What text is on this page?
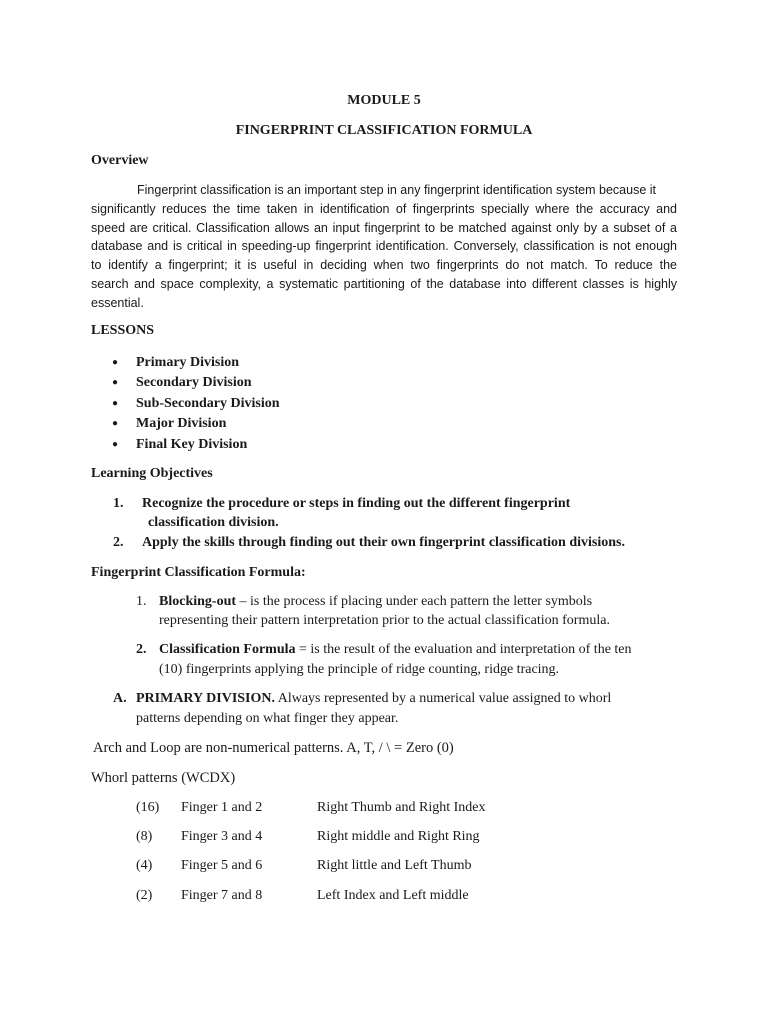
MODULE 5
FINGERPRINT CLASSIFICATION FORMULA
Overview
Fingerprint classification is an important step in any fingerprint identification system because it
significantly reduces the time taken in identification of fingerprints specially where the accuracy and
speed are critical. Classification allows an input fingerprint to be matched against only by a subset of a
database and is critical in speeding-up fingerprint identification. Conversely, classification is not enough
to identify a fingerprint; it is useful in deciding when two fingerprints do not match. To reduce the
search and space complexity, a systematic partitioning of the database into different classes is highly
essential.
LESSONS
● Primary Division
● Secondary Division
● Sub-Secondary Division
● Major Division
● Final Key Division
Learning Objectives
1. Recognize the procedure or steps in finding out the different fingerprint
classification division.
2. Apply the skills through finding out their own fingerprint classification divisions.
Fingerprint Classification Formula:
1. Blocking-out – is the process if placing under each pattern the letter symbols
representing their pattern interpretation prior to the actual classification formula.
2. Classification Formula = is the result of the evaluation and interpretation of the ten
(10) fingerprints applying the principle of ridge counting, ridge tracing.
A. PRIMARY DIVISION. Always represented by a numerical value assigned to whorl
patterns depending on what finger they appear.
Arch and Loop are non-numerical patterns. A, T, / \ = Zero (0)
Whorl patterns (WCDX)
(16) Finger 1 and 2	Right Thumb and Right Index
(8) Finger 3 and 4	Right middle and Right Ring
(4) Finger 5 and 6	Right little and Left Thumb
(2) Finger 7 and 8	Left Index and Left middle
